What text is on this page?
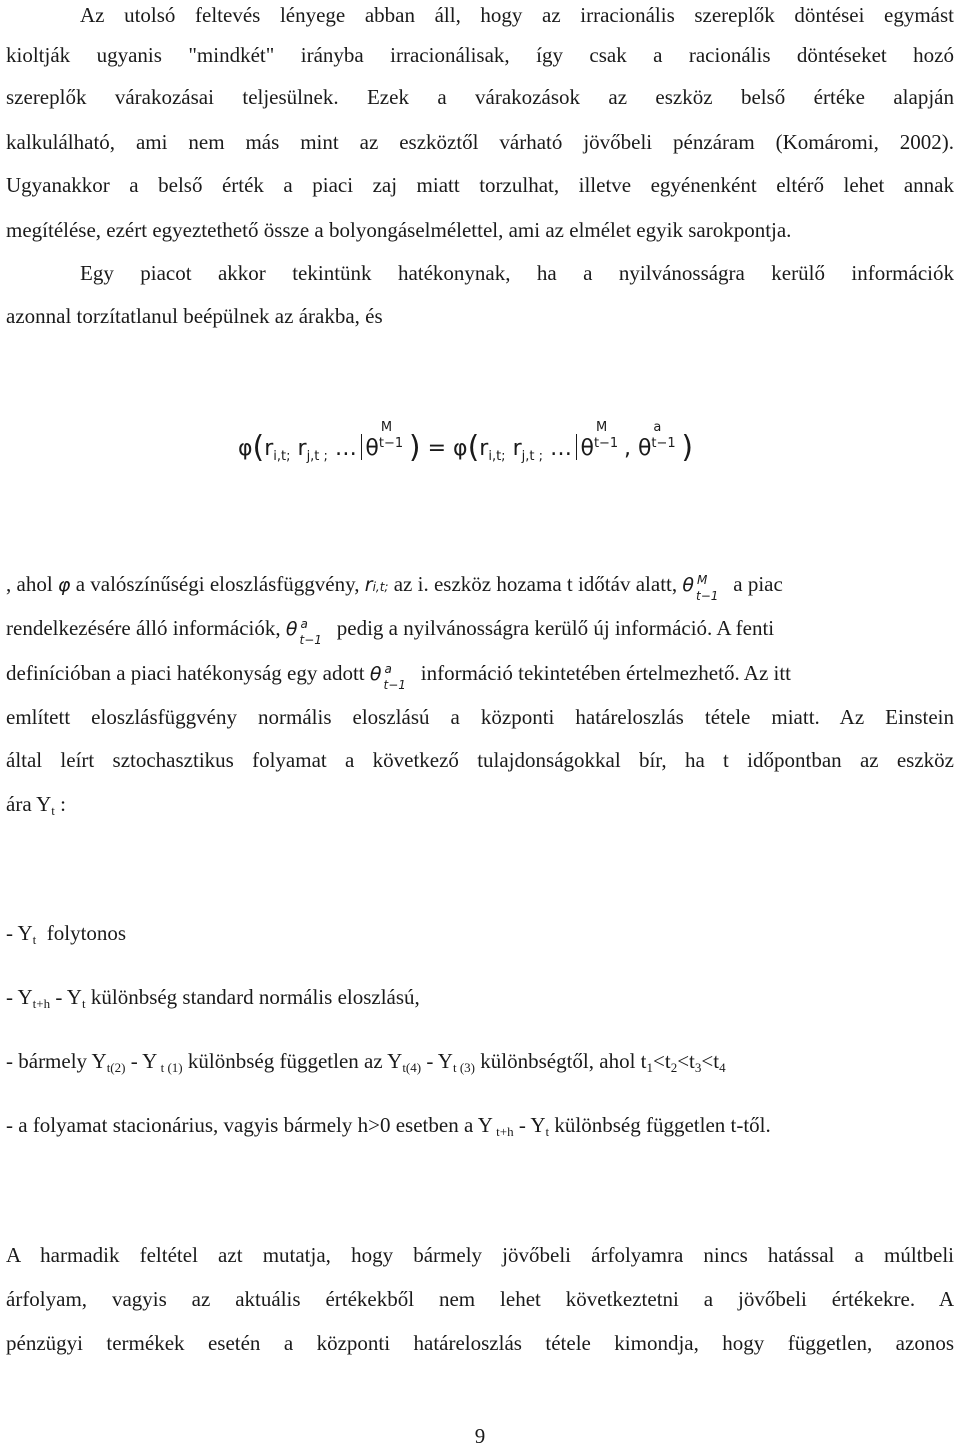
Az utolsó feltevés lényege abban áll, hogy az irracionális szereplők döntései egymást
kioltják ugyanis "mindkét" irányba irracionálisak, így csak a racionális döntéseket hozó
szereplők várakozásai teljesülnek. Ezek a várakozások az eszköz belső értéke alapján
kalkulálható, ami nem más mint az eszköztől várható jövőbeli pénzáram (Komáromi, 2002).
Ugyanakkor a belső érték a piaci zaj miatt torzulhat, illetve egyénenként eltérő lehet annak
megítélése, ezért egyeztethető össze a bolyongáselmélettel, ami az elmélet egyik sarokpontja.
Egy piacot akkor tekintünk hatékonynak, ha a nyilvánosságra kerülő információk
azonnal torzítatlanul beépülnek az árakba, és
$\varphi(r_{i,t;}$ $r_{j,t ;}$ … θ
M
t−1 ) = $\varphi(r_{i,t;}$ $r_{j,t ;}$ … θ
M
t−1 , θ
a
t−1 )
, ahol φ a valószínűségi eloszlásfüggvény, ri,t; az i. eszköz hozama t időtáv alatt, θ M
t−1 a piac
rendelkezésére álló információk, θ a
t−1 pedig a nyilvánosságra kerülő új információ. A fenti
definícióban a piaci hatékonyság egy adott θ a
t−1 információ tekintetében értelmezhető. Az itt
említett eloszlásfüggvény normális eloszlású a központi határeloszlás tétele miatt. Az Einstein
által leírt sztochasztikus folyamat a következő tulajdonságokkal bír, ha t időpontban az eszköz
ára $Y_t$ :
- $Y_t$ folytonos
- $Y_{t+h} - Y_t$ különbség standard normális eloszlású,
- bármely $Y_{t(2)}$ - Y $_{t (1)}$ különbség független az $Y_{t(4)} - Y_{t (3)}$ különbségtől, ahol $t_1<t_2<t_3<t_4$
- a folyamat stacionárius, vagyis bármely h>0 esetben a Y $_{t+h} - Y_t$ különbség független t-től.
A harmadik feltétel azt mutatja, hogy bármely jövőbeli árfolyamra nincs hatással a múltbeli
árfolyam, vagyis az aktuális értékekből nem lehet következtetni a jövőbeli értékekre. A
pénzügyi termékek esetén a központi határeloszlás tétele kimondja, hogy független, azonos
9
